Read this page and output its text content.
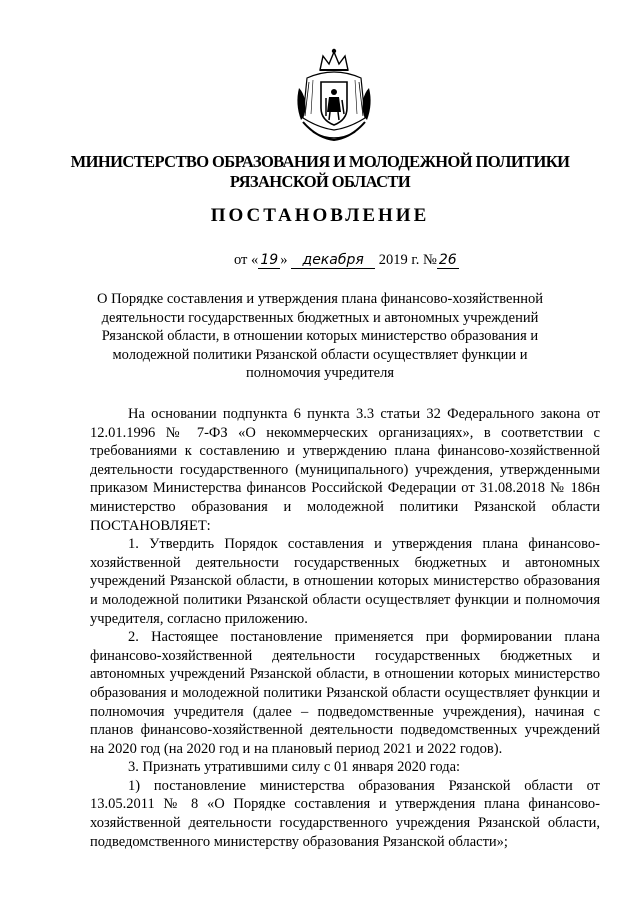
МИНИСТЕРСТВО ОБРАЗОВАНИЯ И МОЛОДЕЖНОЙ ПОЛИТИКИ
РЯЗАНСКОЙ ОБЛАСТИ
ПОСТАНОВЛЕНИЕ
от « 19 » декабря 2019 г. № 26
О Порядке составления и утверждения плана финансово-хозяйственной деятельности государственных бюджетных и автономных учреждений Рязанской области, в отношении которых министерство образования и молодежной политики Рязанской области осуществляет функции и полномочия учредителя

На основании подпункта 6 пункта 3.3 статьи 32 Федерального закона от 12.01.1996 № 7-ФЗ «О некоммерческих организациях», в соответствии с требованиями к составлению и утверждению плана финансово-хозяйственной деятельности государственного (муниципального) учреждения, утвержденными приказом Министерства финансов Российской Федерации от 31.08.2018 № 186н министерство образования и молодежной политики Рязанской области ПОСТАНОВЛЯЕТ:

1. Утвердить Порядок составления и утверждения плана финансово-хозяйственной деятельности государственных бюджетных и автономных учреждений Рязанской области, в отношении которых министерство образования и молодежной политики Рязанской области осуществляет функции и полномочия учредителя, согласно приложению.

2. Настоящее постановление применяется при формировании плана финансово-хозяйственной деятельности государственных бюджетных и автономных учреждений Рязанской области, в отношении которых министерство образования и молодежной политики Рязанской области осуществляет функции и полномочия учредителя (далее – подведомственные учреждения), начиная с планов финансово-хозяйственной деятельности подведомственных учреждений на 2020 год (на 2020 год и на плановый период 2021 и 2022 годов).

3. Признать утратившими силу с 01 января 2020 года:

1) постановление министерства образования Рязанской области от 13.05.2011 № 8 «О Порядке составления и утверждения плана финансово-хозяйственной деятельности государственного учреждения Рязанской области, подведомственного министерству образования Рязанской области»;
